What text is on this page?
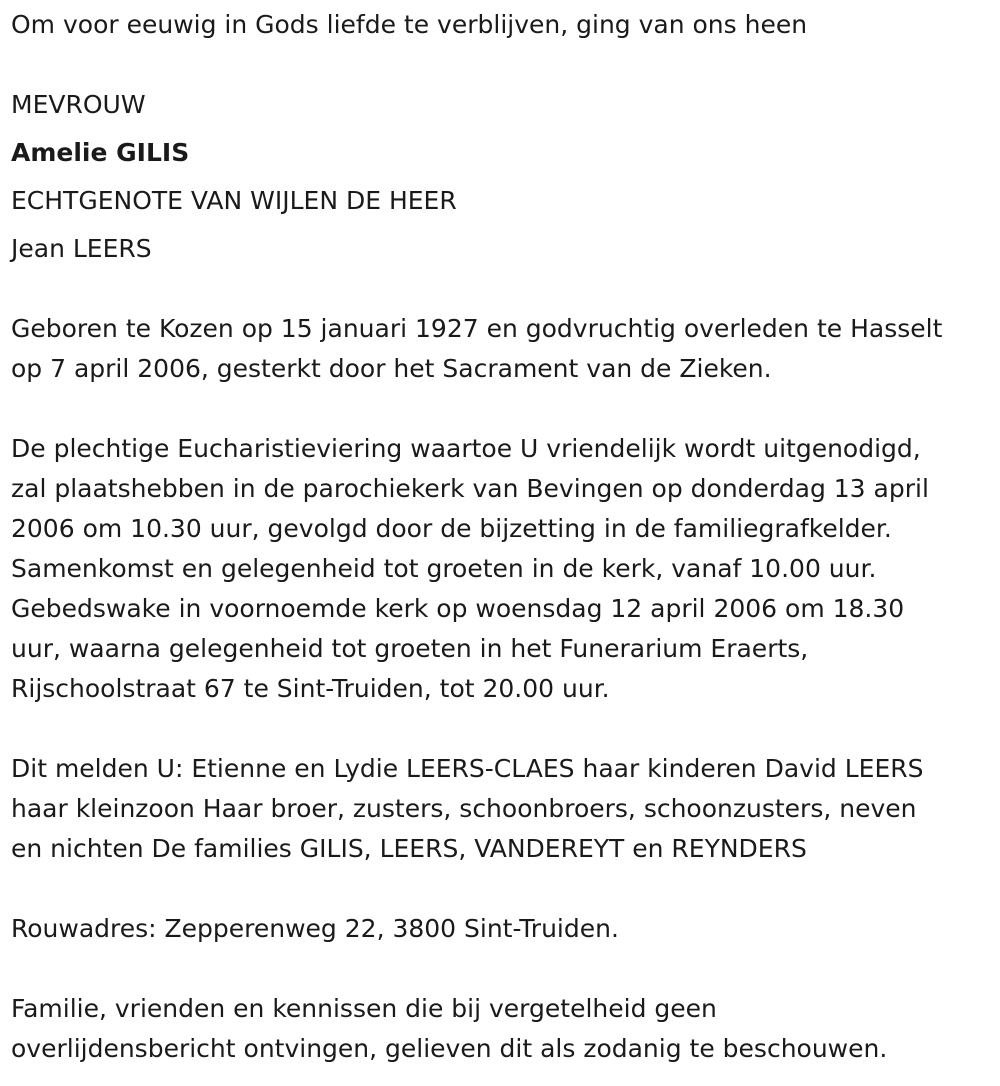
Om voor eeuwig in Gods liefde te verblijven, ging van ons heen
MEVROUW
Amelie GILIS
ECHTGENOTE VAN WIJLEN DE HEER
Jean LEERS
Geboren te Kozen op 15 januari 1927 en godvruchtig overleden te Hasselt
op 7 april 2006, gesterkt door het Sacrament van de Zieken.
De plechtige Eucharistieviering waartoe U vriendelijk wordt uitgenodigd,
zal plaatshebben in de parochiekerk van Bevingen op donderdag 13 april
2006 om 10.30 uur, gevolgd door de bijzetting in de familiegrafkelder.
Samenkomst en gelegenheid tot groeten in de kerk, vanaf 10.00 uur.
Gebedswake in voornoemde kerk op woensdag 12 april 2006 om 18.30
uur, waarna gelegenheid tot groeten in het Funerarium Eraerts,
Rijschoolstraat 67 te Sint-Truiden, tot 20.00 uur.
Dit melden U: Etienne en Lydie LEERS-CLAES haar kinderen David LEERS
haar kleinzoon Haar broer, zusters, schoonbroers, schoonzusters, neven
en nichten De families GILIS, LEERS, VANDEREYT en REYNDERS
Rouwadres: Zepperenweg 22, 3800 Sint-Truiden.
Familie, vrienden en kennissen die bij vergetelheid geen
overlijdensbericht ontvingen, gelieven dit als zodanig te beschouwen.
